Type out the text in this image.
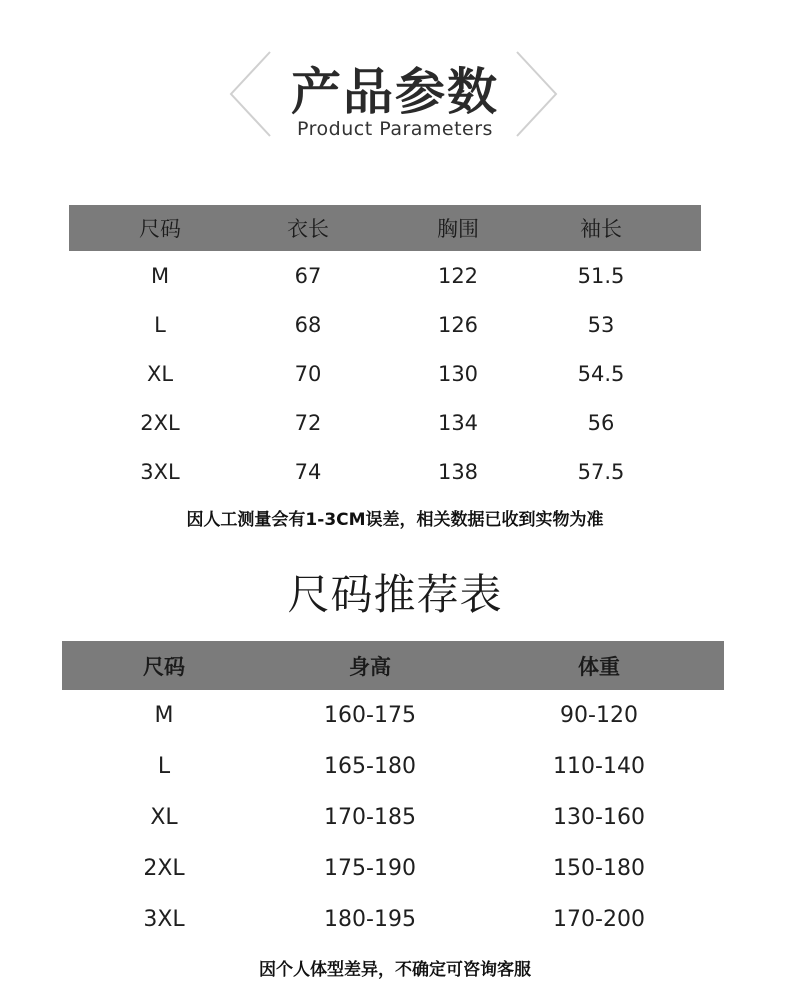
产品参数
Product Parameters
尺码	衣长	胸围	袖长
M	67	122	51.5
L	68	126	53
XL	70	130	54.5
2XL	72	134	56
3XL	74	138	57.5
因人工测量会有1-3CM误差，相关数据已收到实物为准
尺码推荐表
尺码	身高	体重
M	160-175	90-120
L	165-180	110-140
XL	170-185	130-160
2XL	175-190	150-180
3XL	180-195	170-200
因个人体型差异，不确定可咨询客服
